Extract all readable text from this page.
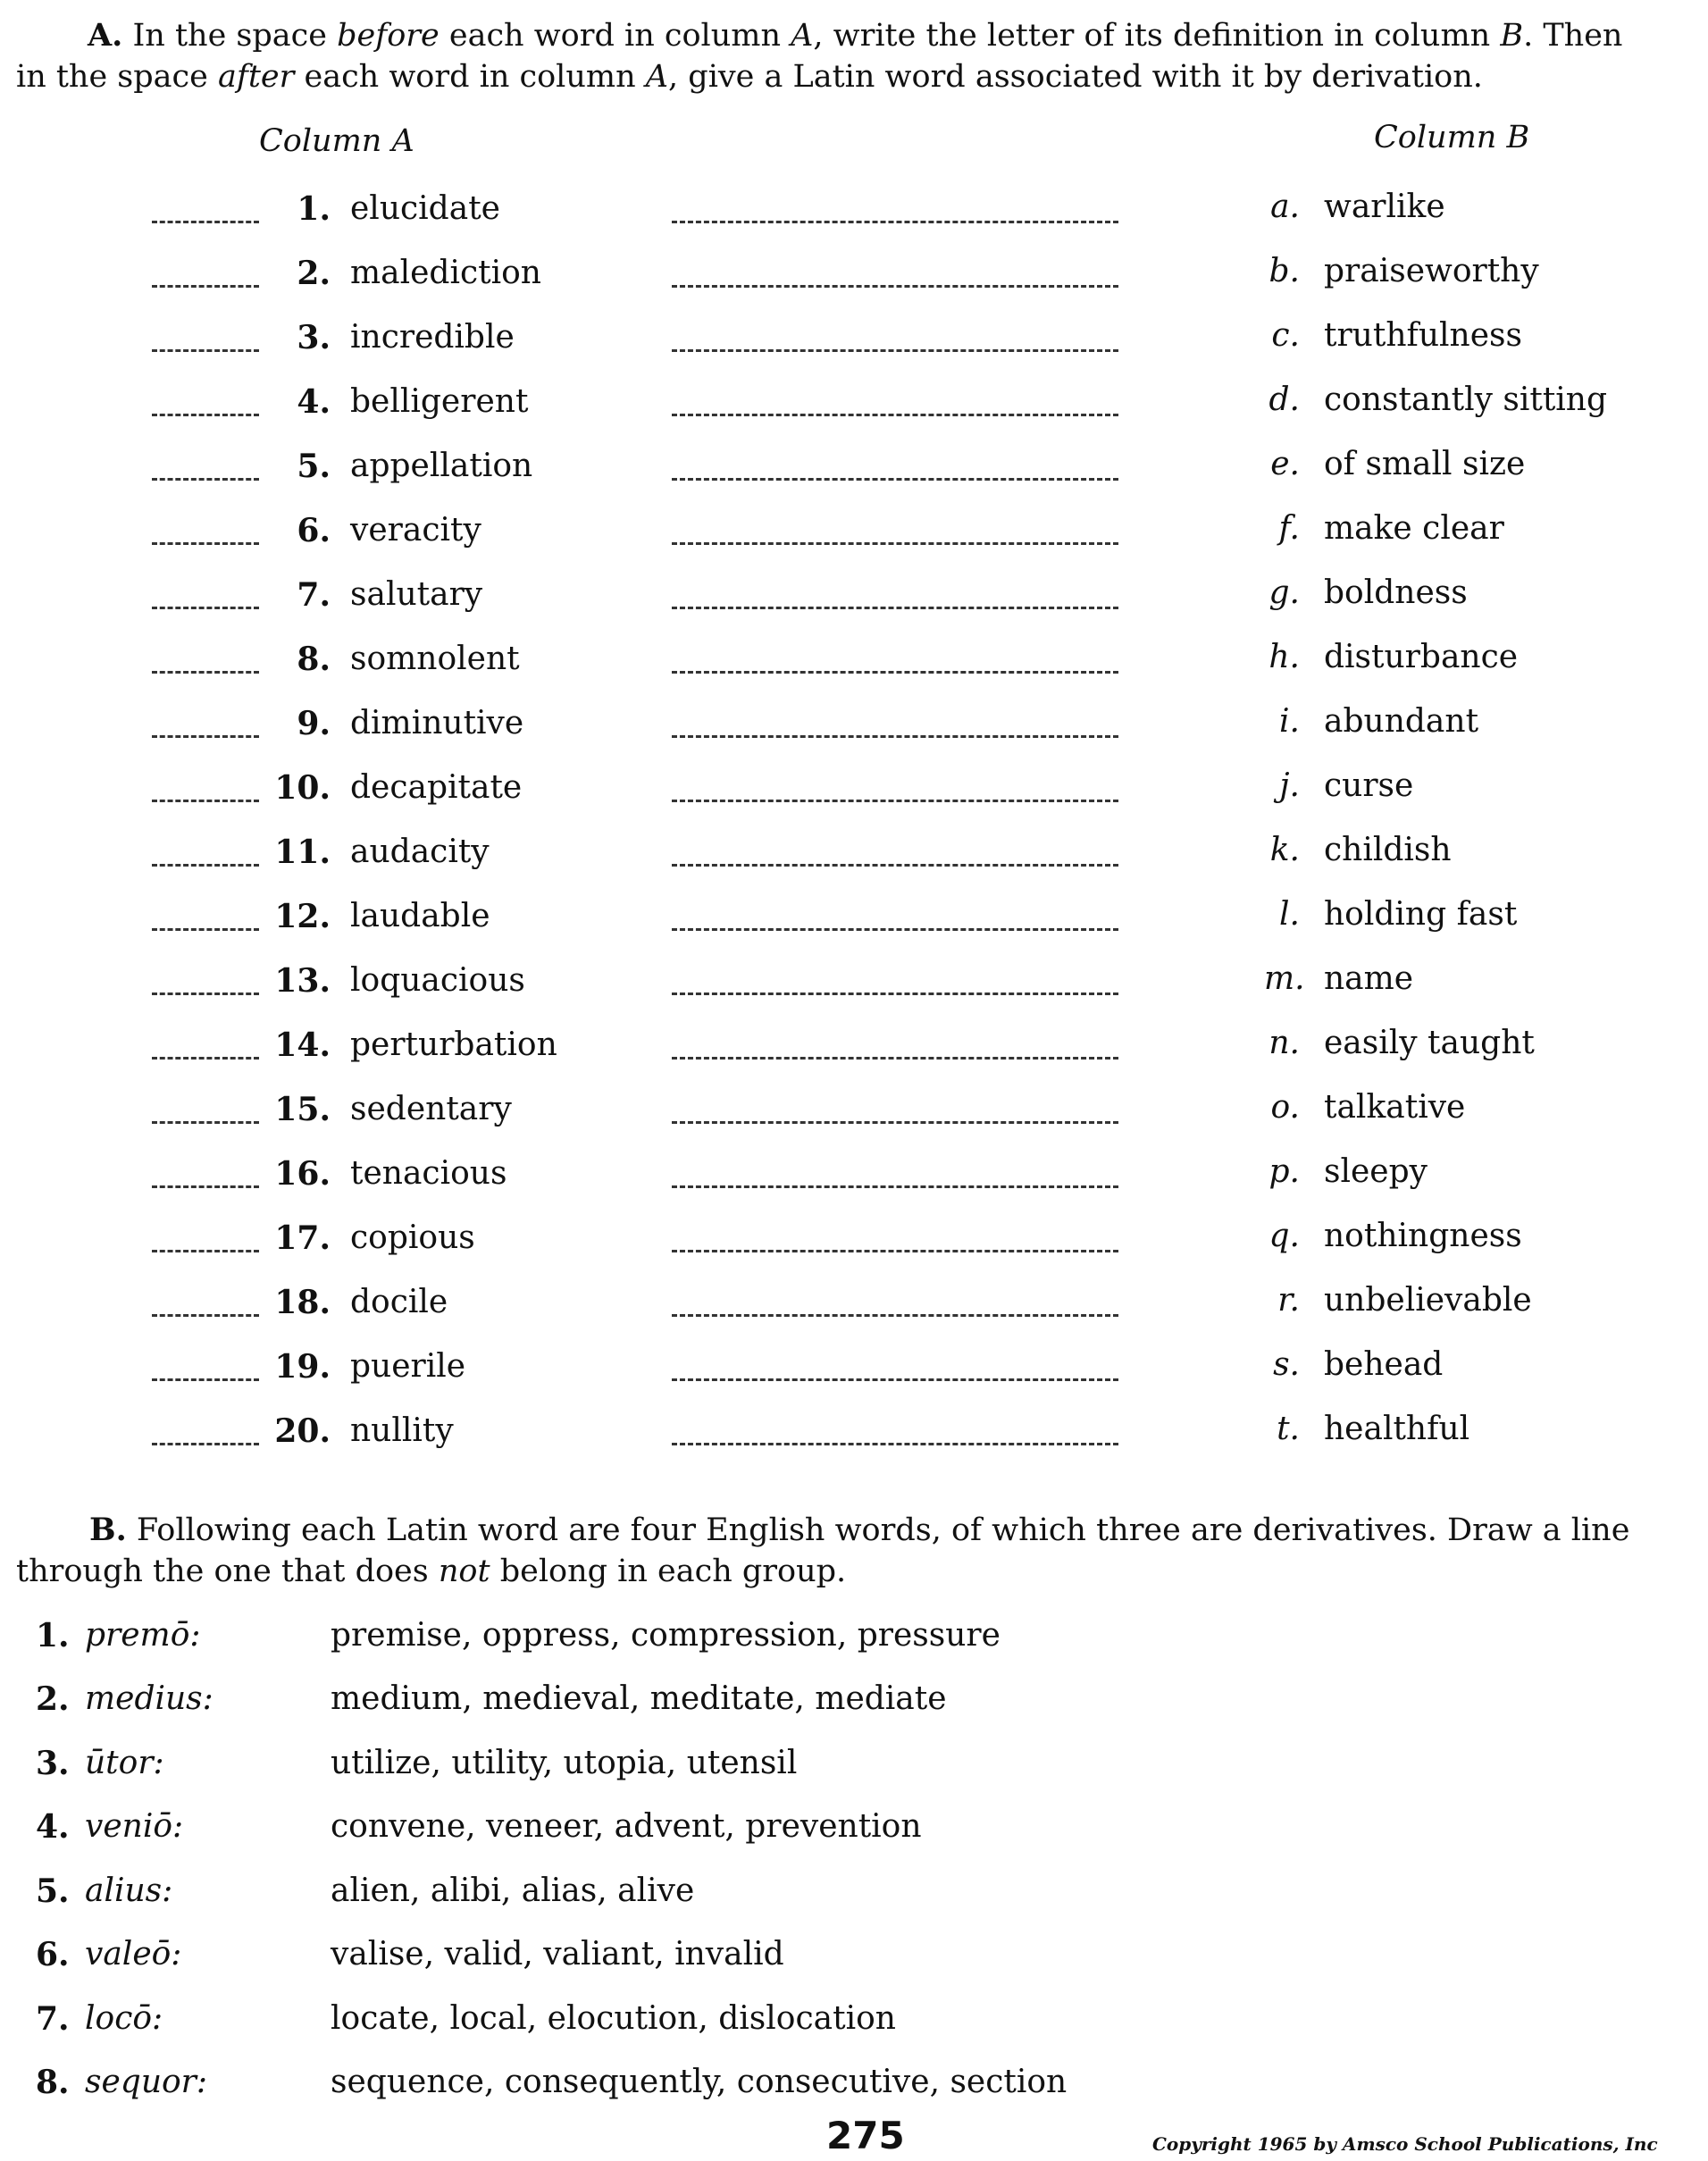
A. In the space before each word in column A, write the letter of its definition in column B. Then
in the space after each word in column A, give a Latin word associated with it by derivation.
Column A	Column B
1. elucidate	a. warlike
2. malediction	b. praiseworthy
3. incredible	c. truthfulness
4. belligerent	d. constantly sitting
5. appellation	e. of small size
6. veracity	f. make clear
7. salutary	g. boldness
8. somnolent	h. disturbance
9. diminutive	i. abundant
10. decapitate	j. curse
11. audacity	k. childish
12. laudable	l. holding fast
13. loquacious	m. name
14. perturbation	n. easily taught
15. sedentary	o. talkative
16. tenacious	p. sleepy
17. copious	q. nothingness
18. docile	r. unbelievable
19. puerile	s. behead
20. nullity	t. healthful
B. Following each Latin word are four English words, of which three are derivatives. Draw a line
through the one that does not belong in each group.
1. premō:	premise, oppress, compression, pressure
2. medius:	medium, medieval, meditate, mediate
3. ūtor:	utilize, utility, utopia, utensil
4. veniō:	convene, veneer, advent, prevention
5. alius:	alien, alibi, alias, alive
6. valeō:	valise, valid, valiant, invalid
7. locō:	locate, local, elocution, dislocation
8. sequor:	sequence, consequently, consecutive, section
275	Copyright 1965 by Amsco School Publications, Inc
